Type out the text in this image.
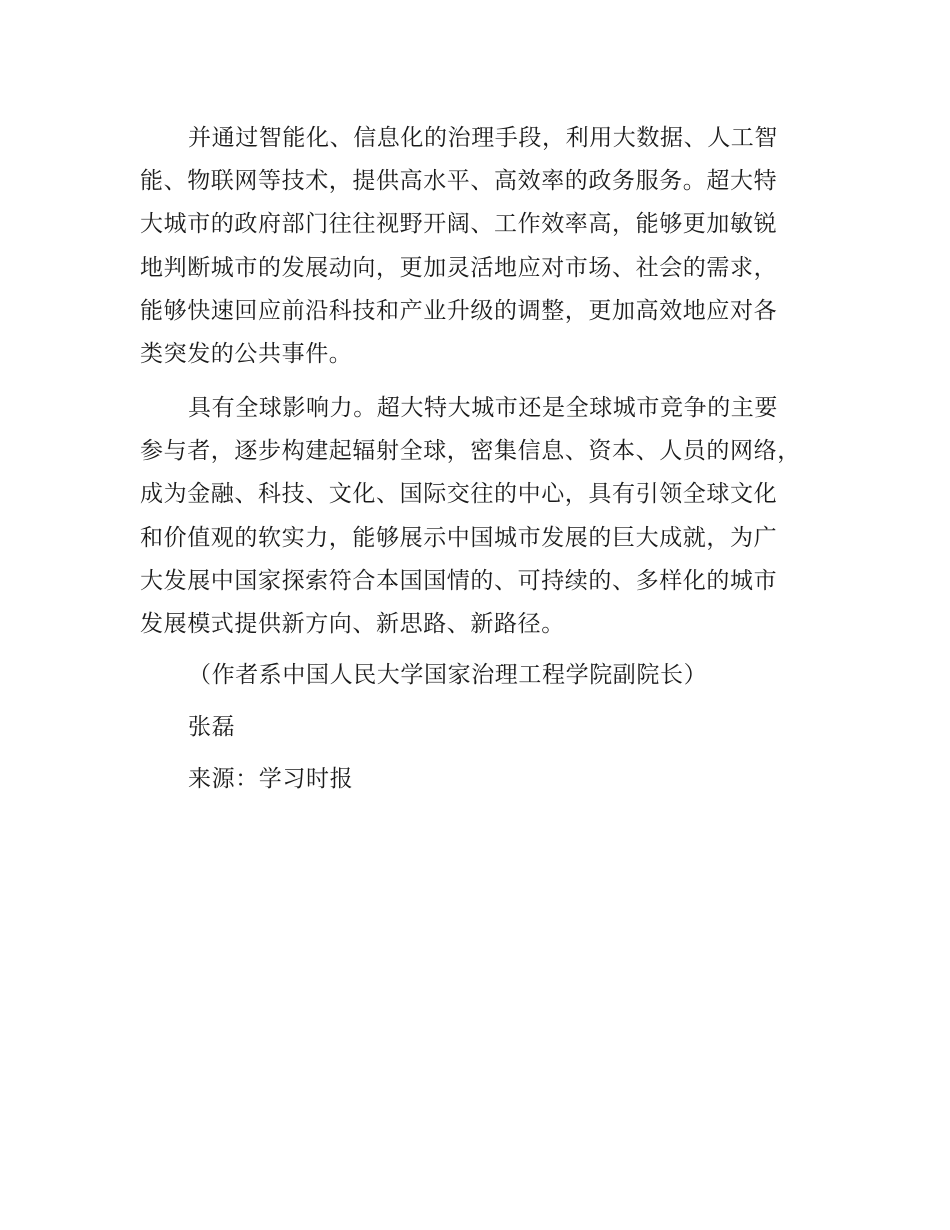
并通过智能化、信息化的治理手段，利用大数据、人工智
能、物联网等技术，提供高水平、高效率的政务服务。超大特
大城市的政府部门往往视野开阔、工作效率高，能够更加敏锐
地判断城市的发展动向，更加灵活地应对市场、社会的需求，
能够快速回应前沿科技和产业升级的调整，更加高效地应对各
类突发的公共事件。

具有全球影响力。超大特大城市还是全球城市竞争的主要
参与者，逐步构建起辐射全球，密集信息、资本、人员的网络，
成为金融、科技、文化、国际交往的中心，具有引领全球文化
和价值观的软实力，能够展示中国城市发展的巨大成就，为广
大发展中国家探索符合本国国情的、可持续的、多样化的城市
发展模式提供新方向、新思路、新路径。

（作者系中国人民大学国家治理工程学院副院长）
张磊
来源：学习时报
